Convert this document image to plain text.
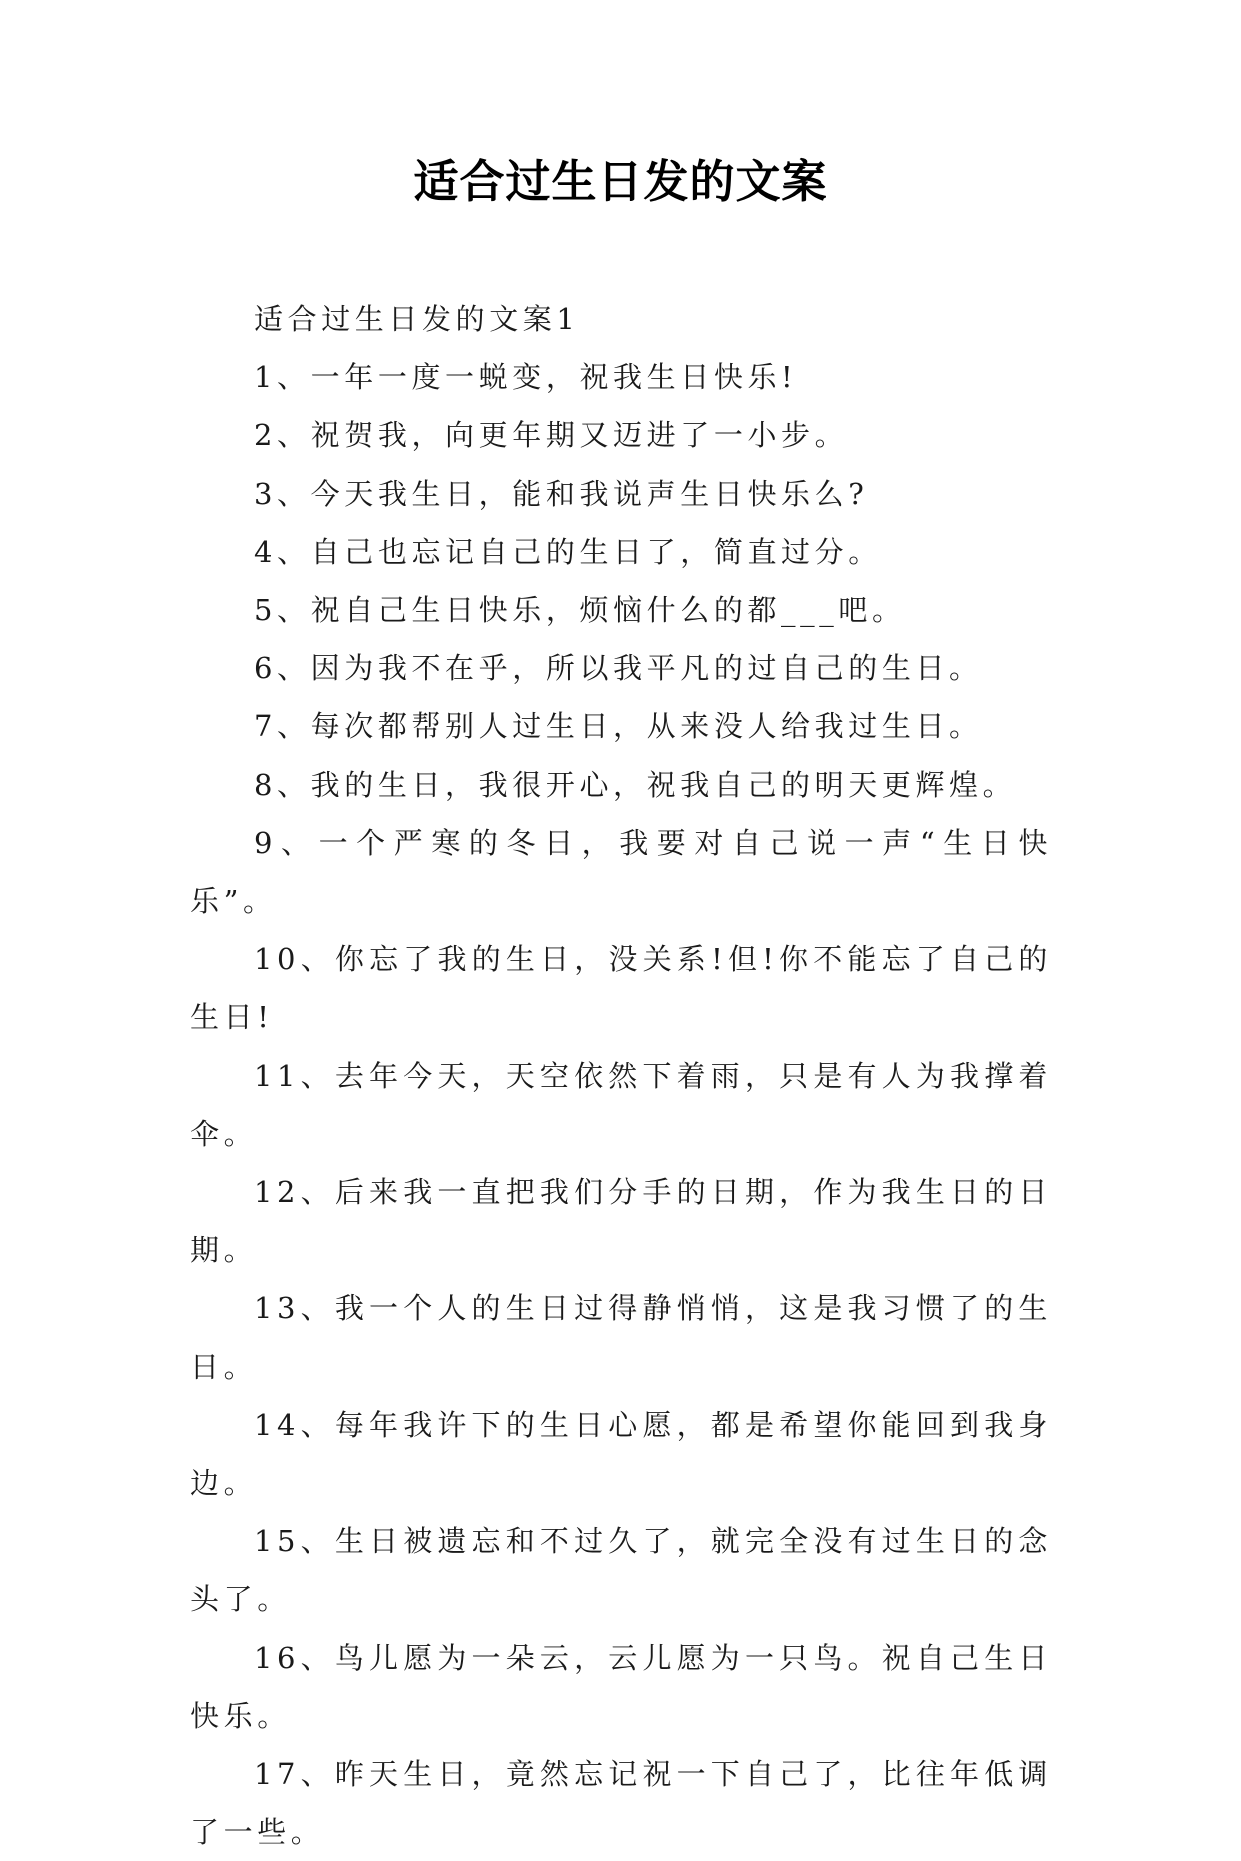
适合过生日发的文案

适合过生日发的文案1

1、一年一度一蜕变，祝我生日快乐!

2、祝贺我，向更年期又迈进了一小步。

3、今天我生日，能和我说声生日快乐么?

4、自己也忘记自己的生日了，简直过分。

5、祝自己生日快乐，烦恼什么的都___吧。

6、因为我不在乎，所以我平凡的过自己的生日。

7、每次都帮别人过生日，从来没人给我过生日。

8、我的生日，我很开心，祝我自己的明天更辉煌。

9、一个严寒的冬日，我要对自己说一声“生日快乐”。

10、你忘了我的生日，没关系!但!你不能忘了自己的生日!

11、去年今天，天空依然下着雨，只是有人为我撑着伞。

12、后来我一直把我们分手的日期，作为我生日的日期。

13、我一个人的生日过得静悄悄，这是我习惯了的生日。

14、每年我许下的生日心愿，都是希望你能回到我身边。

15、生日被遗忘和不过久了，就完全没有过生日的念头了。

16、鸟儿愿为一朵云，云儿愿为一只鸟。祝自己生日快乐。

17、昨天生日，竟然忘记祝一下自己了，比往年低调了一些。
